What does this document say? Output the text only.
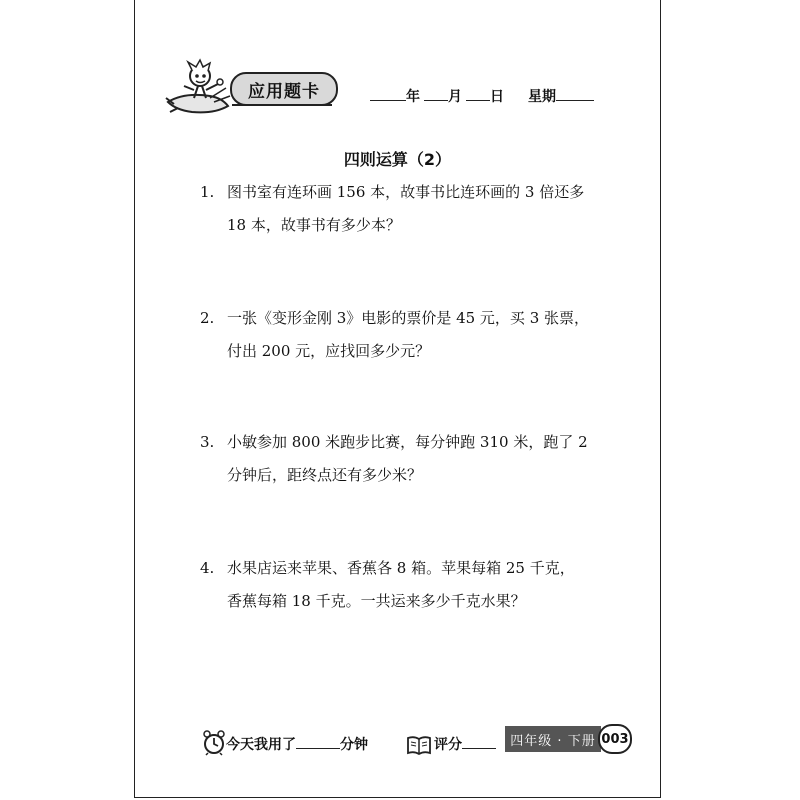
应用题卡	年 月 日 星期
四则运算（2）
1. 图书室有连环画 156 本，故事书比连环画的 3 倍还多
18 本，故事书有多少本？
2. 一张《变形金刚 3》电影的票价是 45 元，买 3 张票，
付出 200 元，应找回多少元？
3. 小敏参加 800 米跑步比赛，每分钟跑 310 米，跑了 2
分钟后，距终点还有多少米？
4. 水果店运来苹果、香蕉各 8 箱。苹果每箱 25 千克，
香蕉每箱 18 千克。一共运来多少千克水果？
今天我用了	分钟	评分	四年级 · 下册 003
